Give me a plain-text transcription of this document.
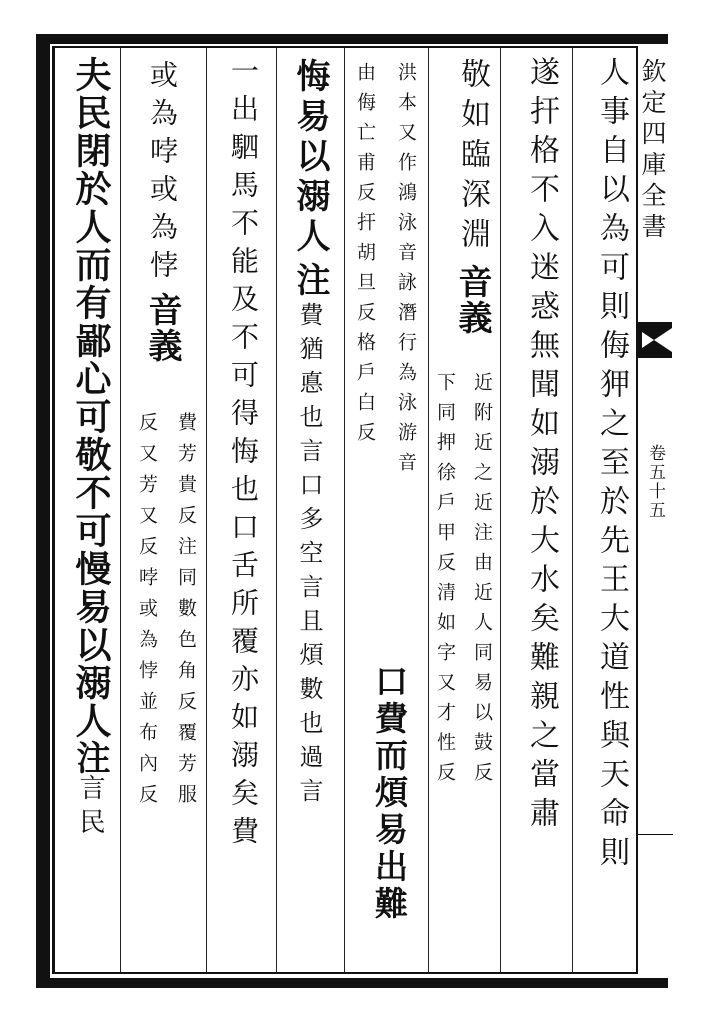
欽定四庫全書
卷五十五
人事自以為可則侮狎之至於先王大道性與天命則
遂扞格不入迷惑無聞如溺於大水矣難親之當肅
敬如臨深淵
音義
下同押徐戶甲反清如字又才性反 近附近之近注由近人同易以鼓反
由侮亡甫反扞胡旦反格戶白反 洪本又作鴻泳音詠潛行為泳游音
口費而煩易出難
悔易以溺人
注
費猶悳也言口多空言且煩數也過言
一出駟馬不能及不可得悔也口舌所覆亦如溺矣費
或為哱或為悖
音義
反又芳又反哱或為悖並布內反 費芳貴反注同數色角反覆芳服
夫民閉於人而有鄙心可敬不可慢易以溺人
注
言民
